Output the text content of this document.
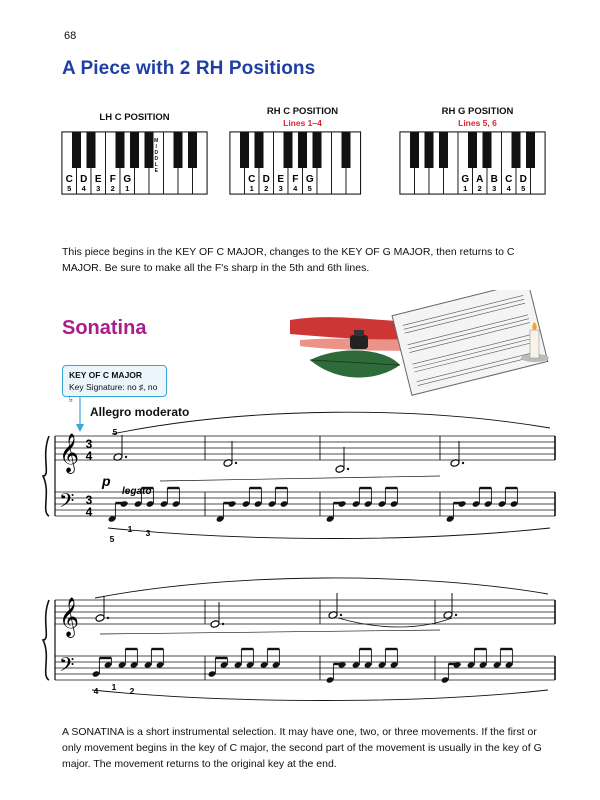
68
A Piece with 2 RH Positions
LH C POSITION
RH C POSITION
Lines 1–4
RH G POSITION
Lines 5, 6
M
I
D
D
L
E
C
5
D
4
E
3
F
2
G
1
M
I
D
D
L
E
C
1
D
2
E
3
F
4
G
5
M
I
D
D
L
E
G
1
A
2
B
3
C
4
D
5
𝄞
𝄢
3
4
3
4
5
p
legato
5
1 3
𝄞
𝄢
4 1 2
This piece begins in the KEY OF C MAJOR, changes to the KEY OF G MAJOR, then returns to C MAJOR. Be sure to make all the F's sharp in the 5th and 6th lines.
Sonatina
KEY OF C MAJOR
Key Signature: no ♯, no ♭
Allegro moderato
A SONATINA is a short instrumental selection. It may have one, two, or three movements. If the first or only movement begins in the key of C major, the second part of the movement is usually in the key of G major. The movement returns to the original key at the end.
